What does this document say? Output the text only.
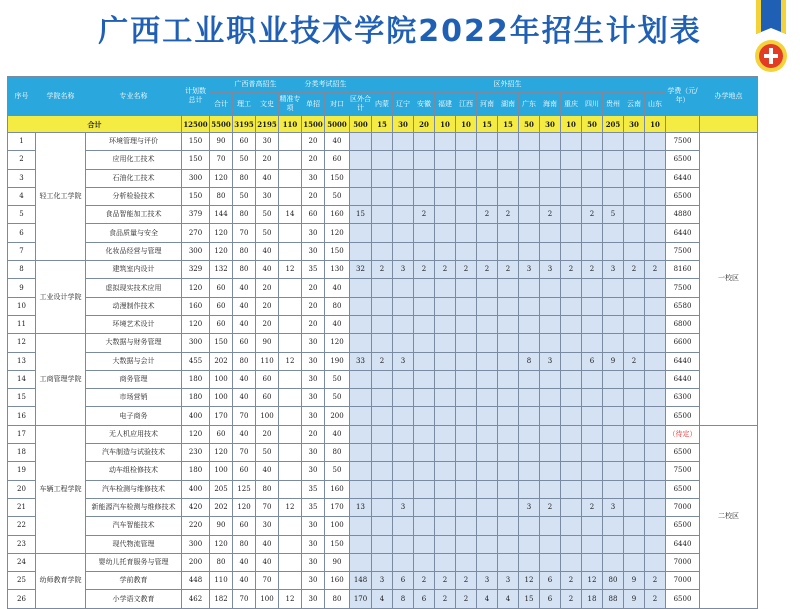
广西工业职业技术学院2022年招生计划表
序号	学院名称	专业名称	计划数总计	广西普高招生				分类考试招生		区外招生															学费（元/年）	办学地点
				合计	理工	文史	精准专项	单招	对口	区外合计	内蒙	辽宁	安徽	福建	江西	河南	湖南	广东	海南	重庆	四川	贵州	云南	山东		
合计			12500	5500	3195	2195	110	1500	5000	500	15	30	20	10	10	15	15	50	30	10	50	205	30	10		
1	轻工化工学院	环境管理与评价	150	90	60	30		20	40																7500	一校区
2		应用化工技术	150	70	50	20		20	60																6500	
3		石油化工技术	300	120	80	40		30	150																6440	
4		分析检验技术	150	80	50	30		20	50																6500	
5		食品智能加工技术	379	144	80	50	14	60	160	15			2			2	2		2		2	5			4880	
6		食品质量与安全	270	120	70	50		30	120																6440	
7		化妆品经营与管理	300	120	80	40		30	150																7500	
8	工业设计学院	建筑室内设计	329	132	80	40	12	35	130	32	2	3	2	2	2	2	2	3	3	2	2	3	2	2	8160	
9		虚拟现实技术应用	120	60	40	20		20	40																7500	
10		动漫制作技术	160	60	40	20		20	80																6580	
11		环境艺术设计	120	60	40	20		20	40																6800	
12	工商管理学院	大数据与财务管理	300	150	60	90		30	120																6600	
13		大数据与会计	455	202	80	110	12	30	190	33	2	3						8	3		6	9	2		6440	
14		商务管理	180	100	40	60		30	50																6440	
15		市场营销	180	100	40	60		30	50																6300	
16		电子商务	400	170	70	100		30	200																6500	
17	车辆工程学院	无人机应用技术	120	60	40	20		20	40																（待定）	二校区
18		汽车制造与试验技术	230	120	70	50		30	80																6500	
19		动车组检修技术	180	100	60	40		30	50																7500	
20		汽车检测与维修技术	400	205	125	80		35	160																6500	
21		新能源汽车检测与维修技术	420	202	120	70	12	35	170	13		3						3	2		2	3			7000	
22		汽车智能技术	220	90	60	30		30	100																6500	
23		现代物流管理	300	120	80	40		30	150																6440	
24	幼师教育学院	婴幼儿托育服务与管理	200	80	40	40		30	90																7000	
25		学前教育	448	110	40	70		30	160	148	3	6	2	2	2	3	3	12	6	2	12	80	9	2	7000	
26		小学语文教育	462	182	70	100	12	30	80	170	4	8	6	2	2	4	4	15	6	2	18	88	9	2	6500	
